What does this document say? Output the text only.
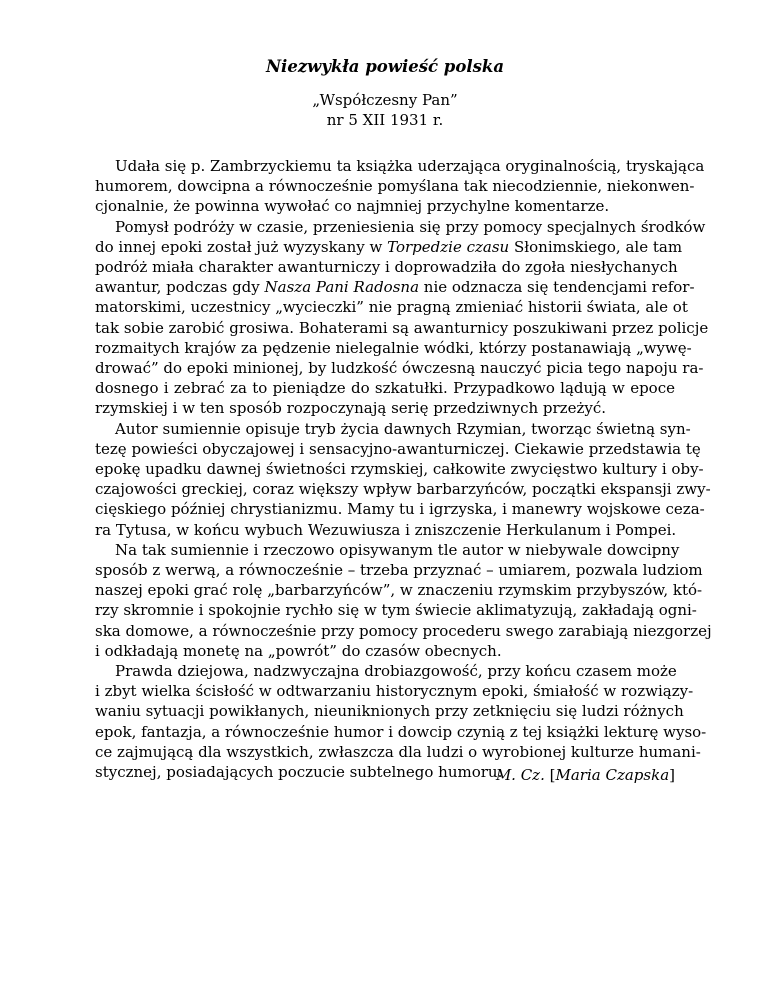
Niezwykła powieść polska
„Współczesny Pan”
nr 5 XII 1931 r.
Udała się p. Zambrzyckiemu ta książka uderzająca oryginalnością, tryskająca
humorem, dowcipna a równocześnie pomyślana tak niecodziennie, niekonwen-
cjonalnie, że powinna wywołać co najmniej przychylne komentarze.
Pomysł podróży w czasie, przeniesienia się przy pomocy specjalnych środków
do innej epoki został już wyzyskany w Torpedzie czasu Słonimskiego, ale tam
podróż miała charakter awanturniczy i doprowadziła do zgoła niesłychanych
awantur, podczas gdy Nasza Pani Radosna nie odznacza się tendencjami refor-
matorskimi, uczestnicy „wycieczki” nie pragną zmieniać historii świata, ale ot
tak sobie zarobić grosiwa. Bohaterami są awanturnicy poszukiwani przez policje
rozmaitych krajów za pędzenie nielegalnie wódki, którzy postanawiają „wywę-
drować” do epoki minionej, by ludzkość ówczesną nauczyć picia tego napoju ra-
dosnego i zebrać za to pieniądze do szkatułki. Przypadkowo lądują w epoce
rzymskiej i w ten sposób rozpoczynają serię przedziwnych przeżyć.
Autor sumiennie opisuje tryb życia dawnych Rzymian, tworząc świetną syn-
tezę powieści obyczajowej i sensacyjno-awanturniczej. Ciekawie przedstawia tę
epokę upadku dawnej świetności rzymskiej, całkowite zwycięstwo kultury i oby-
czajowości greckiej, coraz większy wpływ barbarzyńców, początki ekspansji zwy-
cięskiego później chrystianizmu. Mamy tu i igrzyska, i manewry wojskowe ceza-
ra Tytusa, w końcu wybuch Wezuwiusza i zniszczenie Herkulanum i Pompei.
Na tak sumiennie i rzeczowo opisywanym tle autor w niebywale dowcipny
sposób z werwą, a równocześnie – trzeba przyznać – umiarem, pozwala ludziom
naszej epoki grać rolę „barbarzyńców”, w znaczeniu rzymskim przybyszów, któ-
rzy skromnie i spokojnie rychło się w tym świecie aklimatyzują, zakładają ogni-
ska domowe, a równocześnie przy pomocy procederu swego zarabiają niezgorzej
i odkładają monetę na „powrót” do czasów obecnych.
Prawda dziejowa, nadzwyczajna drobiazgowość, przy końcu czasem może
i zbyt wielka ścisłość w odtwarzaniu historycznym epoki, śmiałość w rozwiązy-
waniu sytuacji powikłanych, nieuniknionych przy zetknięciu się ludzi różnych
epok, fantazja, a równocześnie humor i dowcip czynią z tej książki lekturę wyso-
ce zajmującą dla wszystkich, zwłaszcza dla ludzi o wyrobionej kulturze humani-
stycznej, posiadających poczucie subtelnego humoru.
M. Cz. [Maria Czapska]
